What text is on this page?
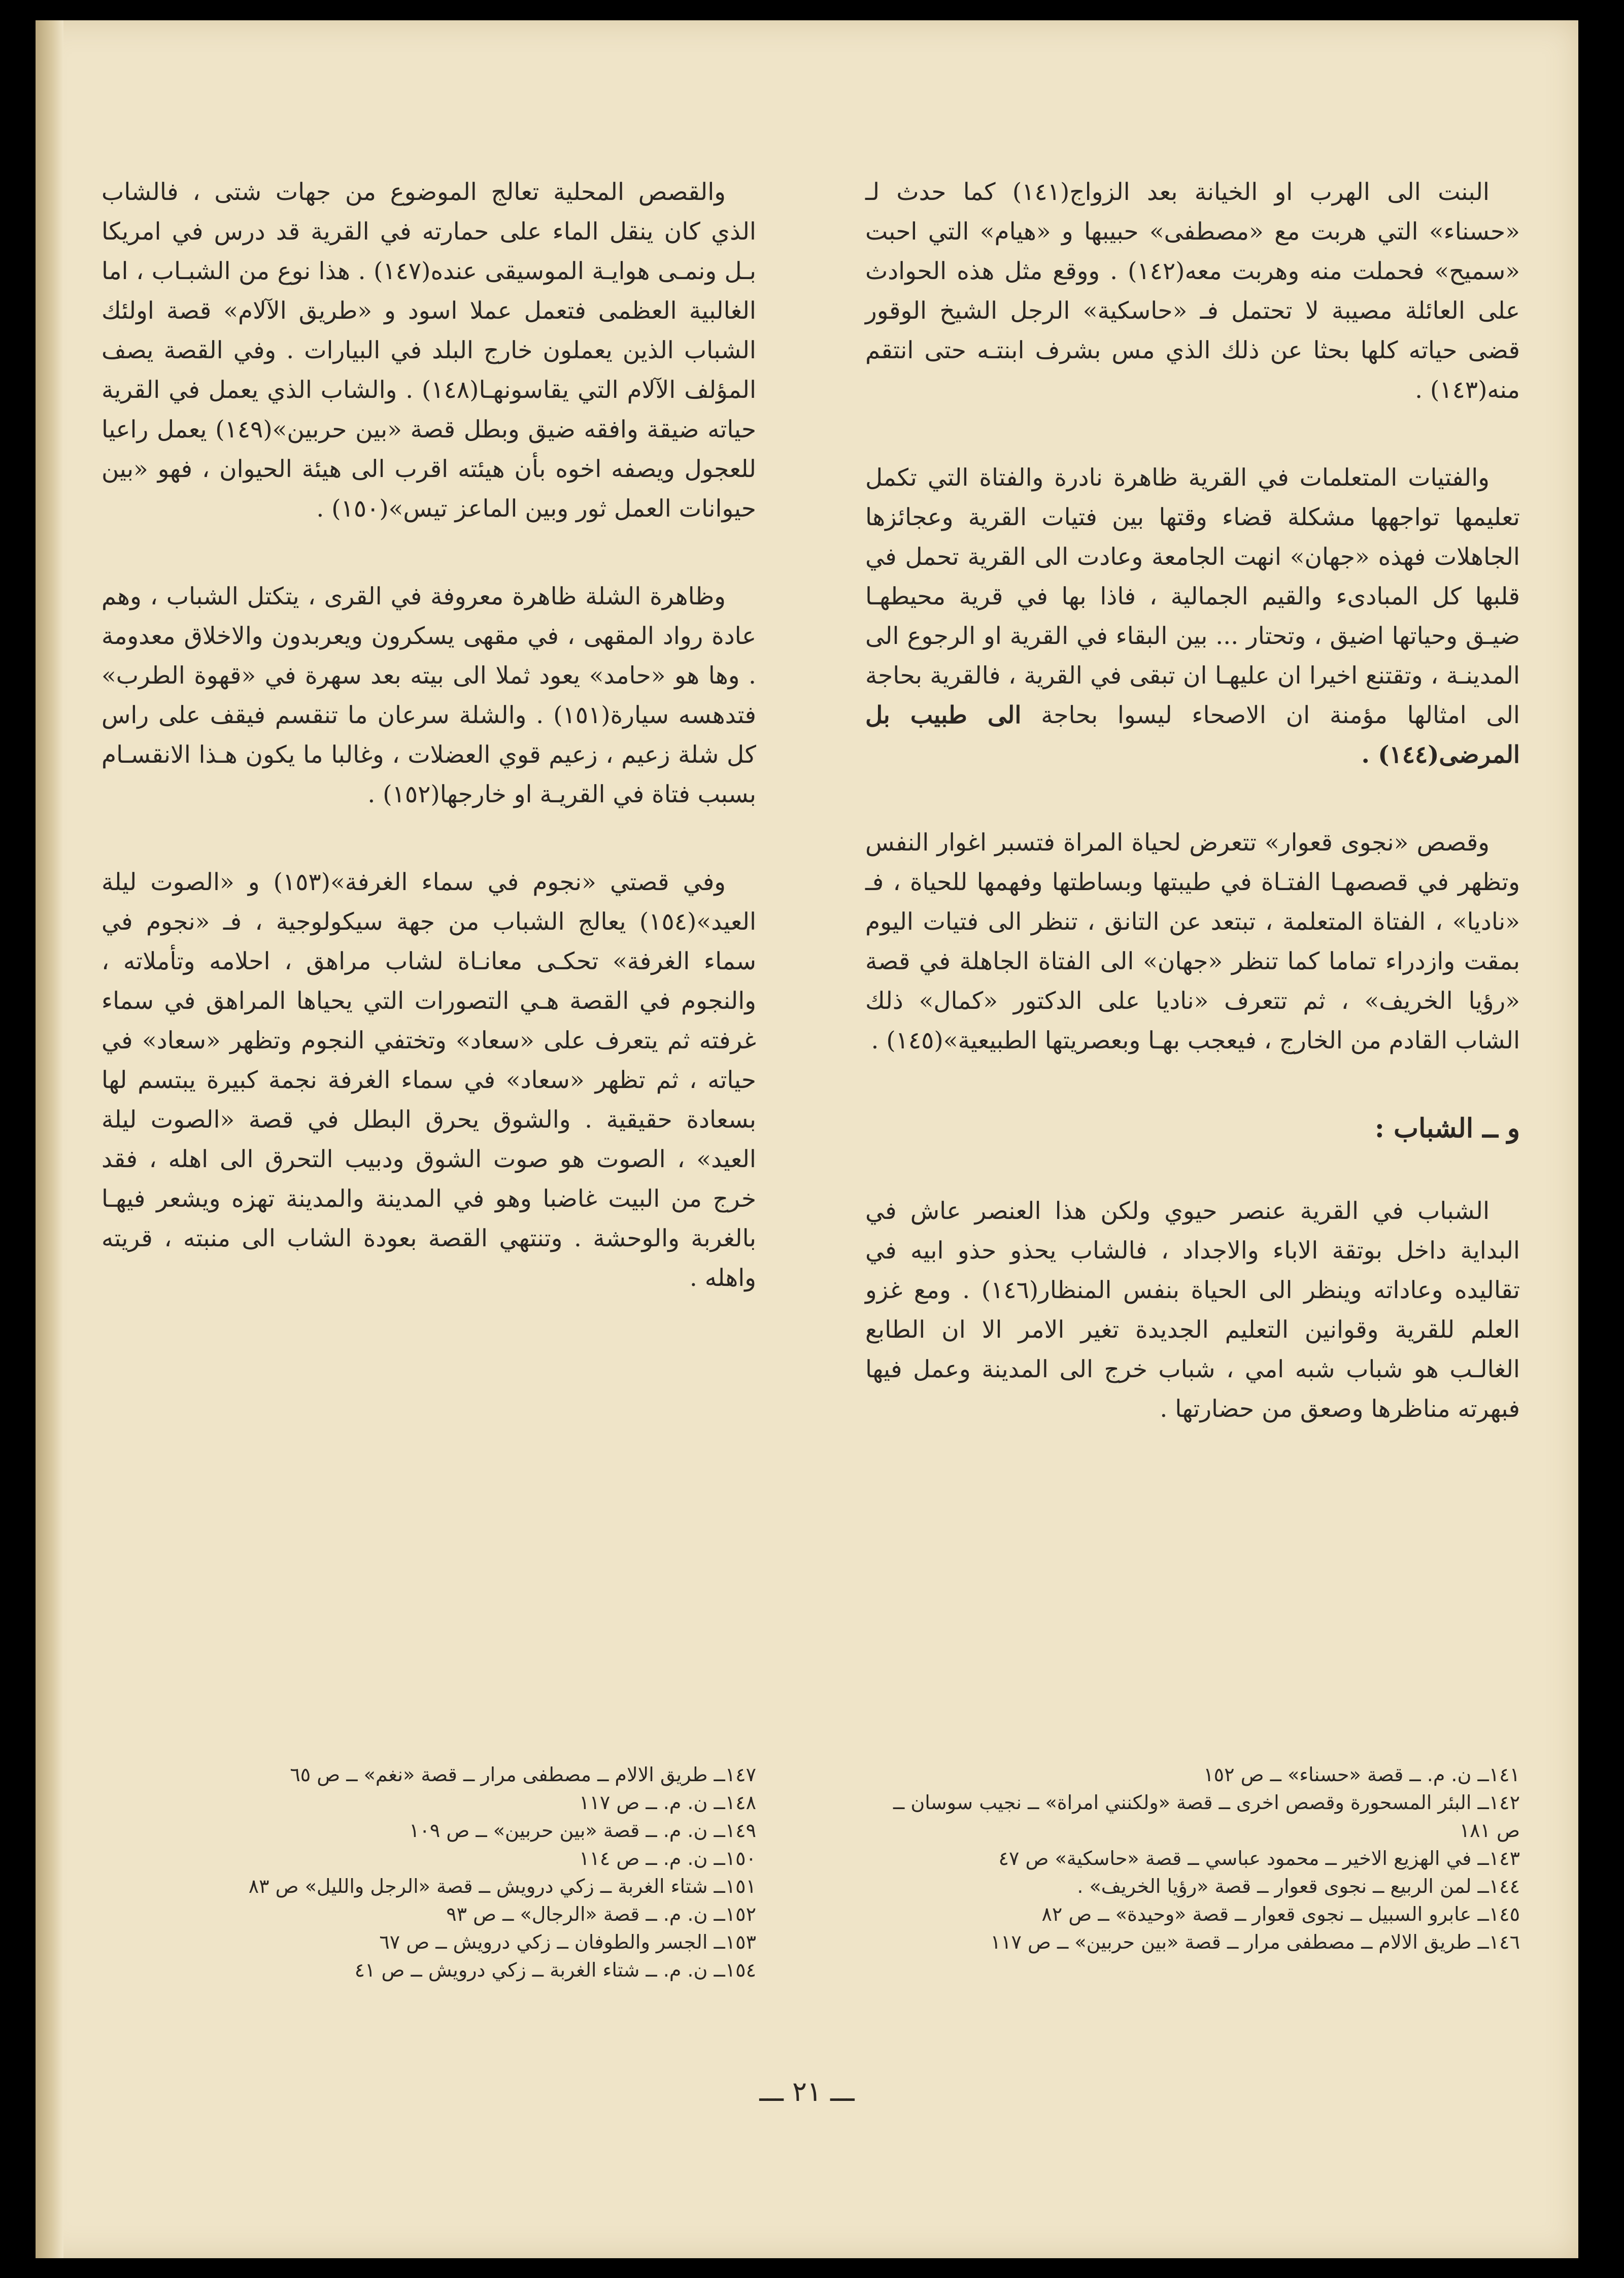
البنت الى الهرب او الخيانة بعد الزواج(١٤١) كما حدث لـ «حسناء» التي هربت مع «مصطفى» حبيبها و «هيام» التي احبت «سميح» فحملت منه وهربت معه(١٤٢) . ووقع مثل هذه الحوادث على العائلة مصيبة لا تحتمل فـ «حاسكية» الرجل الشيخ الوقور قضى حياته كلها بحثا عن ذلك الذي مس بشرف ابنتـه حتى انتقم منه(١٤٣) .

والفتيات المتعلمات في القرية ظاهرة نادرة والفتاة التي تكمل تعليمها تواجهها مشكلة قضاء وقتها بين فتيات القرية وعجائزها الجاهلات فهذه «جهان» انهت الجامعة وعادت الى القرية تحمل في قلبها كل المبادىء والقيم الجمالية ، فاذا بها في قرية محيطهـا ضيـق وحياتها اضيق ، وتحتار ... بين البقاء في القرية او الرجوع الى المدينـة ، وتقتنع اخيرا ان عليهـا ان تبقى في القرية ، فالقرية بحاجة الى امثالها مؤمنة ان الاصحاء ليسوا بحاجة الى طبيب بل المرضى(١٤٤) .

وقصص «نجوى قعوار» تتعرض لحياة المراة فتسبر اغوار النفس وتظهر في قصصهـا الفتـاة في طيبتها وبساطتها وفهمها للحياة ، فـ «ناديا» ، الفتاة المتعلمة ، تبتعد عن التانق ، تنظر الى فتيات اليوم بمقت وازدراء تماما كما تنظر «جهان» الى الفتاة الجاهلة في قصة «رؤيا الخريف» ، ثم تتعرف «ناديا على الدكتور «كمال» ذلك الشاب القادم من الخارج ، فيعجب بهـا وبعصريتها الطبيعية»(١٤٥) .

و ــ الشباب :

الشباب في القرية عنصر حيوي ولكن هذا العنصر عاش في البداية داخل بوتقة الاباء والاجداد ، فالشاب يحذو حذو ابيه في تقاليده وعاداته وينظر الى الحياة بنفس المنظار(١٤٦) . ومع غزو العلم للقرية وقوانين التعليم الجديدة تغير الامر الا ان الطابع الغالـب هو شباب شبه امي ، شباب خرج الى المدينة وعمل فيها فبهرته مناظرها وصعق من حضارتها .

والقصص المحلية تعالج الموضوع من جهات شتى ، فالشاب الذي كان ينقل الماء على حمارته في القرية قد درس في امريكا بـل ونمـى هوايـة الموسيقى عنده(١٤٧) . هذا نوع من الشبـاب ، اما الغالبية العظمى فتعمل عملا اسود و «طريق الآلام» قصة اولئك الشباب الذين يعملون خارج البلد في البيارات . وفي القصة يصف المؤلف الآلام التي يقاسونهـا(١٤٨) . والشاب الذي يعمل في القرية حياته ضيقة وافقه ضيق وبطل قصة «بين حربين»(١٤٩) يعمل راعيا للعجول ويصفه اخوه بأن هيئته اقرب الى هيئة الحيوان ، فهو «بين حيوانات العمل ثور وبين الماعز تيس»(١٥٠) .

وظاهرة الشلة ظاهرة معروفة في القرى ، يتكتل الشباب ، وهم عادة رواد المقهى ، في مقهى يسكرون ويعربدون والاخلاق معدومة . وها هو «حامد» يعود ثملا الى بيته بعد سهرة في «قهوة الطرب» فتدهسه سيارة(١٥١) . والشلة سرعان ما تنقسم فيقف على راس كل شلة زعيم ، زعيم قوي العضلات ، وغالبا ما يكون هـذا الانقسـام بسبب فتاة في القريـة او خارجها(١٥٢) .

وفي قصتي «نجوم في سماء الغرفة»(١٥٣) و «الصوت ليلة العيد»(١٥٤) يعالج الشباب من جهة سيكولوجية ، فـ «نجوم في سماء الغرفة» تحكـى معانـاة لشاب مراهق ، احلامه وتأملاته ، والنجوم في القصة هـي التصورات التي يحياها المراهق في سماء غرفته ثم يتعرف على «سعاد» وتختفي النجوم وتظهر «سعاد» في حياته ، ثم تظهر «سعاد» في سماء الغرفة نجمة كبيرة يبتسم لها بسعادة حقيقية . والشوق يحرق البطل في قصة «الصوت ليلة العيد» ، الصوت هو صوت الشوق ودبيب التحرق الى اهله ، فقد خرج من البيت غاضبا وهو في المدينة والمدينة تهزه ويشعر فيهـا بالغربة والوحشة . وتنتهي القصة بعودة الشاب الى منبته ، قريته واهله .

١٤١ــ ن. م. ــ قصة «حسناء» ــ ص ١٥٢

١٤٢ــ البئر المسحورة وقصص اخرى ــ قصة «ولكنني امراة» ــ نجيب سوسان ــ ص ١٨١

١٤٣ــ في الهزيع الاخير ــ محمود عباسي ــ قصة «حاسكية» ص ٤٧

١٤٤ــ لمن الربيع ــ نجوى قعوار ــ قصة «رؤيا الخريف» .

١٤٥ــ عابرو السبيل ــ نجوى قعوار ــ قصة «وحيدة» ــ ص ٨٢

١٤٦ــ طريق الالام ــ مصطفى مرار ــ قصة «بين حربين» ــ ص ١١٧

١٤٧ــ طريق الالام ــ مصطفى مرار ــ قصة «نغم» ــ ص ٦٥

١٤٨ــ ن. م. ــ ص ١١٧

١٤٩ــ ن. م. ــ قصة «بين حربين» ــ ص ١٠٩

١٥٠ــ ن. م. ــ ص ١١٤

١٥١ــ شتاء الغربة ــ زكي درويش ــ قصة «الرجل والليل» ص ٨٣

١٥٢ــ ن. م. ــ قصة «الرجال» ــ ص ٩٣

١٥٣ــ الجسر والطوفان ــ زكي درويش ــ ص ٦٧

١٥٤ــ ن. م. ــ شتاء الغربة ــ زكي درويش ــ ص ٤١

ـــ ٢١ ـــ
